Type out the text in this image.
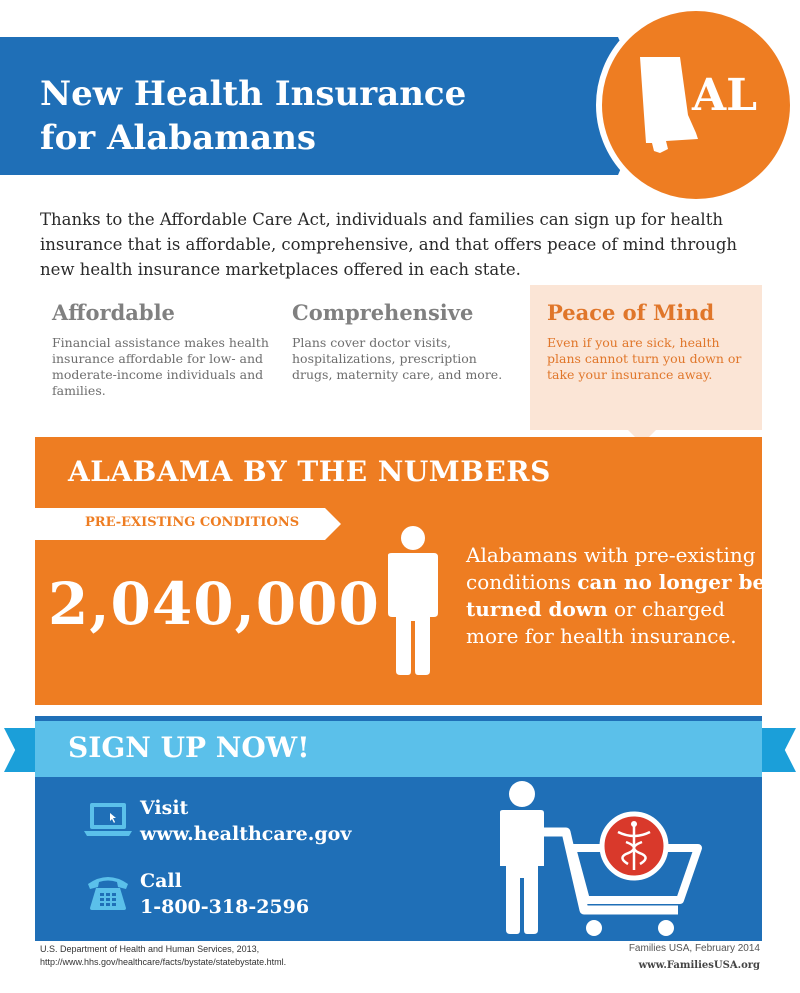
New Health Insurance
for Alabamans
AL

Thanks to the Affordable Care Act, individuals and families can sign up for health insurance that is affordable, comprehensive, and that offers peace of mind through new health insurance marketplaces offered in each state.

Affordable

Financial assistance makes health insurance affordable for low- and moderate-income individuals and families.

Comprehensive

Plans cover doctor visits, hospitalizations, prescription drugs, maternity care, and more.

Peace of Mind

Even if you are sick, health plans cannot turn you down or take your insurance away.

ALABAMA BY THE NUMBERS
PRE-EXISTING CONDITIONS
2,040,000

Alabamans with pre-existing conditions can no longer be turned down or charged more for health insurance.

SIGN UP NOW!
Visit
www.healthcare.gov
Call
1-800-318-2596
U.S. Department of Health and Human Services, 2013,
http://www.hhs.gov/healthcare/facts/bystate/statebystate.html.
Families USA, February 2014
www.FamiliesUSA.org
